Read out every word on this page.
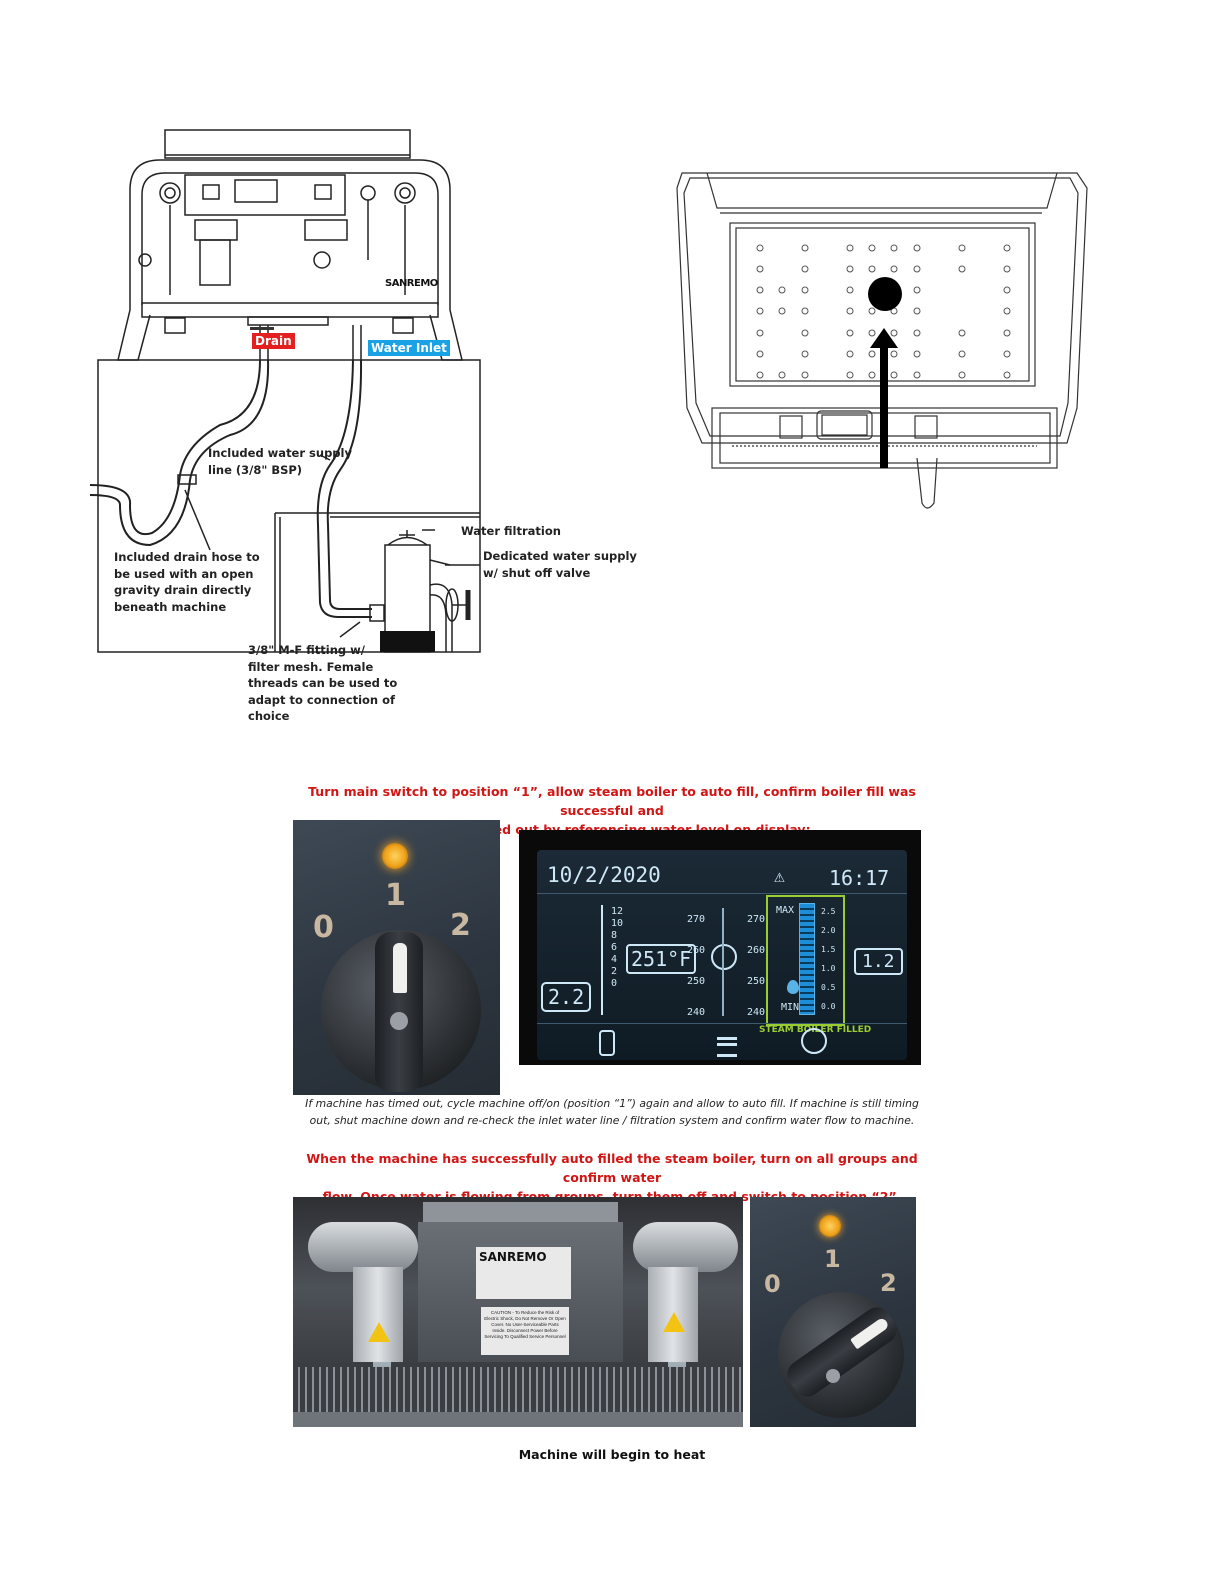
SANREMO
Drain	Water Inlet
Included water supply
line (3/8" BSP)
Included drain hose to
be used with an open
gravity drain directly
beneath machine
Water filtration
Dedicated water supply
w/ shut off valve
3/8" M-F fitting w/
filter mesh. Female
threads can be used to
adapt to connection of
choice
Turn main switch to position “1”, allow steam boiler to auto fill, confirm boiler fill was successful and
1
0	2
10/2/2020	⚠ 16:17
12
10
8
6
4
2
0
2.2
251°F
270
260
250
240
270
260
250
240
MAX
MIN
2.5
2.0
1.5
1.0
0.5
0.0
1.2
STEAM BOILER FILLED
If machine has timed out, cycle machine off/on (position “1”) again and allow to auto fill. If machine is still timing
out, shut machine down and re-check the inlet water line / filtration system and confirm water flow to machine.
When the machine has successfully auto filled the steam boiler, turn on all groups and confirm water
SANREMO
CAUTION - To Reduce the Risk of Electric Shock, Do Not Remove Or Open Cover. No User-Serviceable Parts Inside. Disconnect Power Before Servicing To Qualified Service Personnel
1
0	2
Machine will begin to heat
